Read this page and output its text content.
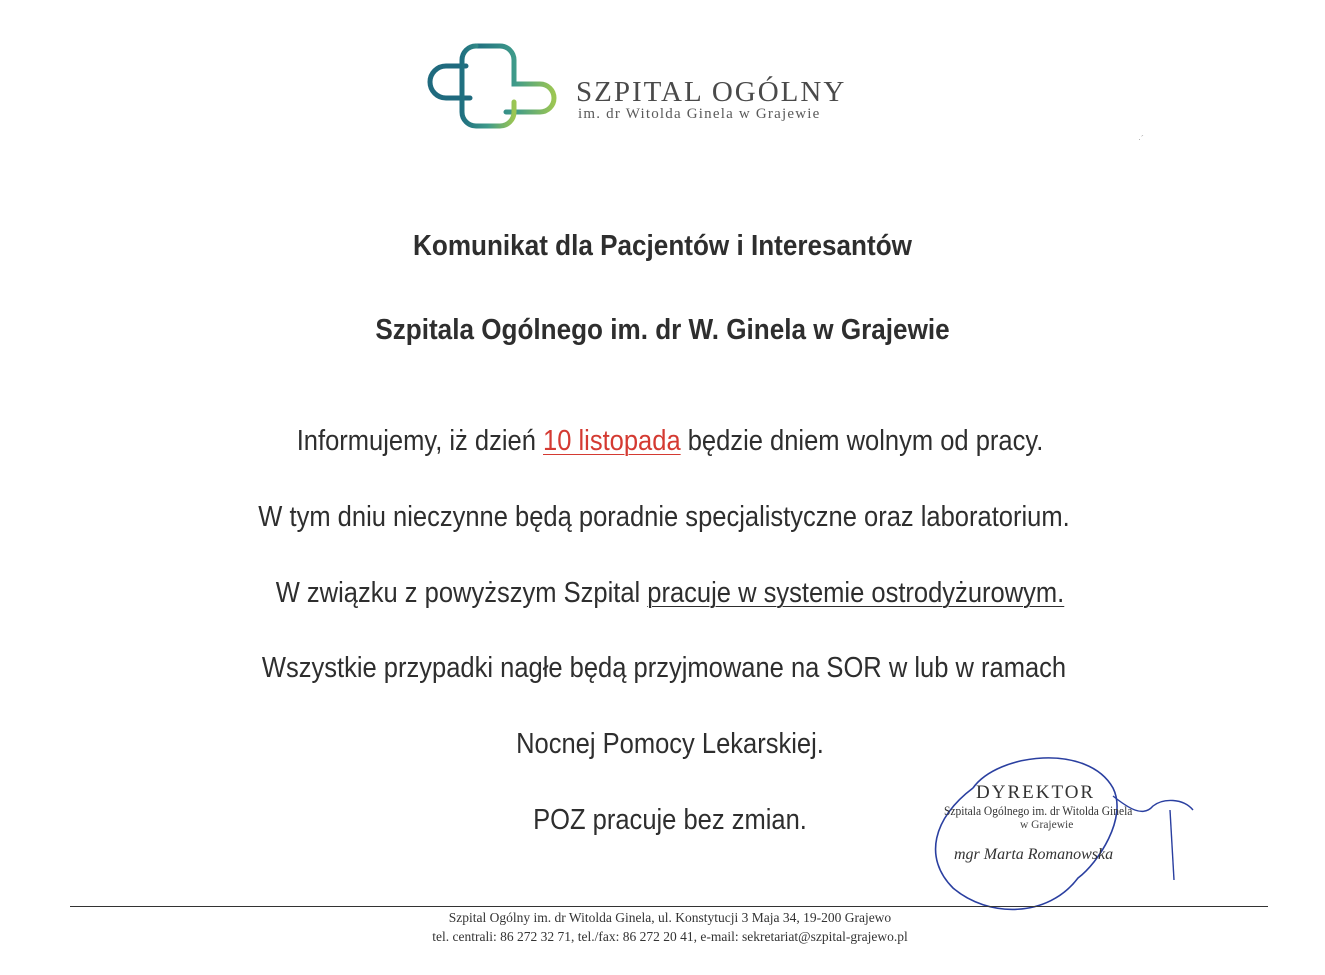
SZPITAL OGÓLNY
im. dr Witolda Ginela w Grajewie
·´
Komunikat dla Pacjentów i Interesantów
Szpitala Ogólnego im. dr W. Ginela w Grajewie
Informujemy, iż dzień 10 listopada będzie dniem wolnym od pracy.
W tym dniu nieczynne będą poradnie specjalistyczne oraz laboratorium.
W związku z powyższym Szpital pracuje w systemie ostrodyżurowym.
Wszystkie przypadki nagłe będą przyjmowane na SOR w lub w ramach
Nocnej Pomocy Lekarskiej.
POZ pracuje bez zmian.
DYREKTOR
Szpitala Ogólnego im. dr Witolda Ginela
w Grajewie
mgr Marta Romanowska
Szpital Ogólny im. dr Witolda Ginela, ul. Konstytucji 3 Maja 34, 19-200 Grajewo
tel. centrali: 86 272 32 71, tel./fax: 86 272 20 41, e-mail: sekretariat@szpital-grajewo.pl
